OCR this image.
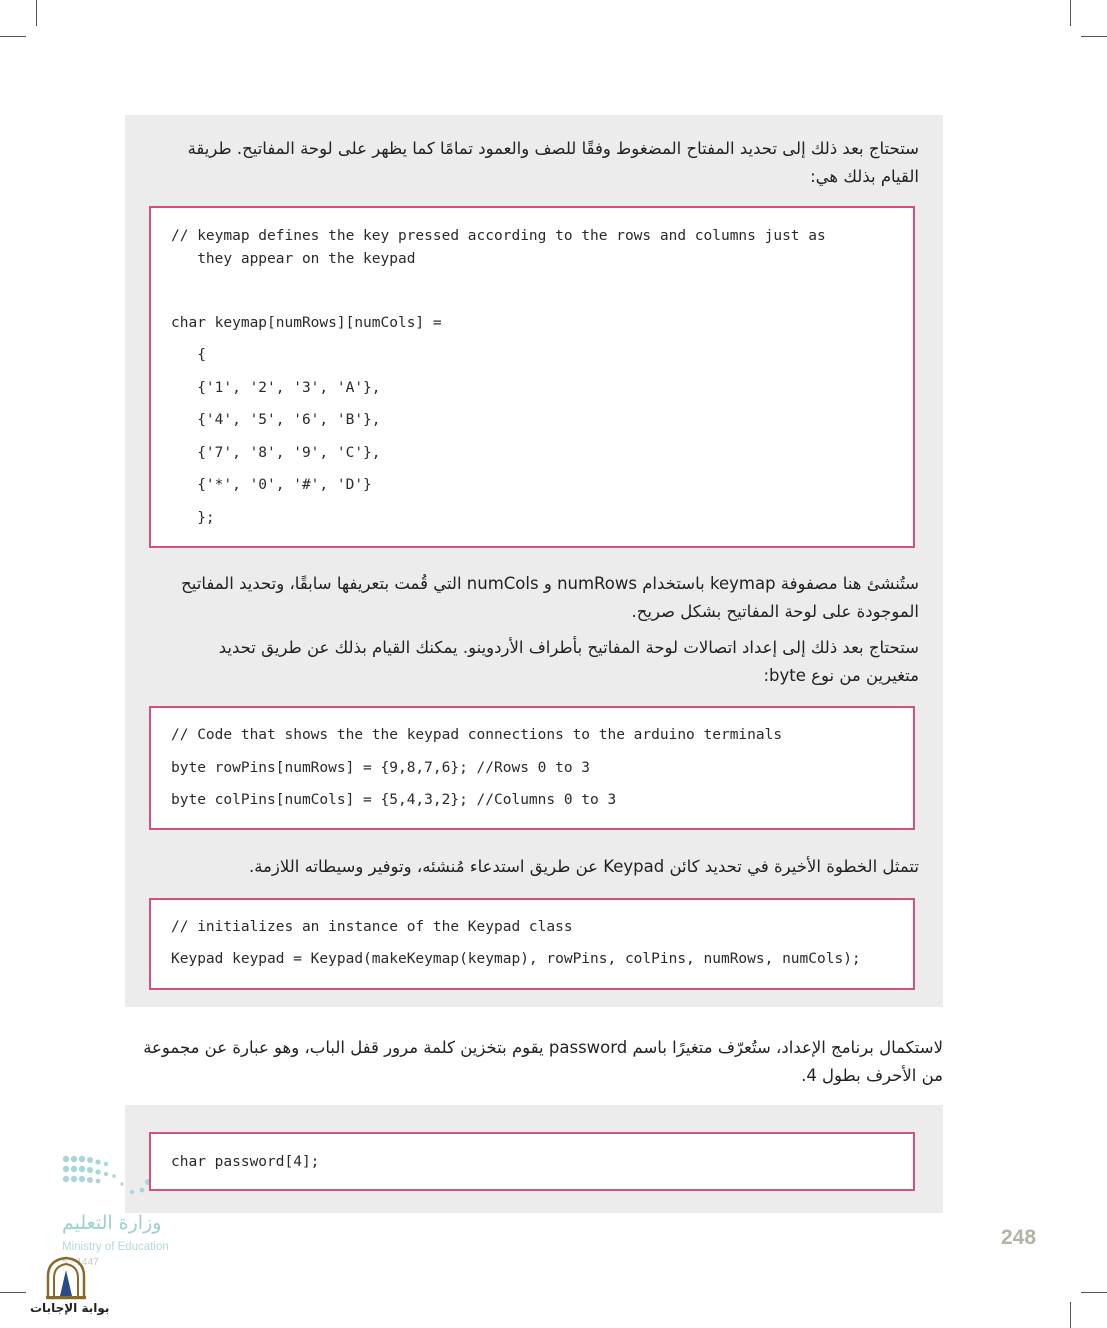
ستحتاج بعد ذلك إلى تحديد المفتاح المضغوط وفقًا للصف والعمود تمامًا كما يظهر على لوحة المفاتيح. طريقة

القيام بذلك هي:

// keymap defines the key pressed according to the rows and columns just as
they appear on the keypad
char keymap[numRows][numCols] =
{
{'1', '2', '3', 'A'},
{'4', '5', '6', 'B'},
{'7', '8', '9', 'C'},
{'*', '0', '#', 'D'}
};

ستُنشئ هنا مصفوفة keymap باستخدام numRows و numCols التي قُمت بتعريفها سابقًا، وتحديد المفاتيح

الموجودة على لوحة المفاتيح بشكل صريح.

ستحتاج بعد ذلك إلى إعداد اتصالات لوحة المفاتيح بأطراف الأردوينو. يمكنك القيام بذلك عن طريق تحديد

متغيرين من نوع byte:

// Code that shows the the keypad connections to the arduino terminals
byte rowPins[numRows] = {9,8,7,6}; //Rows 0 to 3
byte colPins[numCols] = {5,4,3,2}; //Columns 0 to 3

تتمثل الخطوة الأخيرة في تحديد كائن Keypad عن طريق استدعاء مُنشئه، وتوفير وسيطاته اللازمة.

// initializes an instance of the Keypad class
Keypad keypad = Keypad(makeKeymap(keymap), rowPins, colPins, numRows, numCols);

لاستكمال برنامج الإعداد، ستُعرّف متغيرًا باسم password يقوم بتخزين كلمة مرور قفل الباب، وهو عبارة عن مجموعة

من الأحرف بطول 4.

وزارة التعليم
Ministry of Education
5 - 1447
char password[4];
248
بوابة الإجابات
